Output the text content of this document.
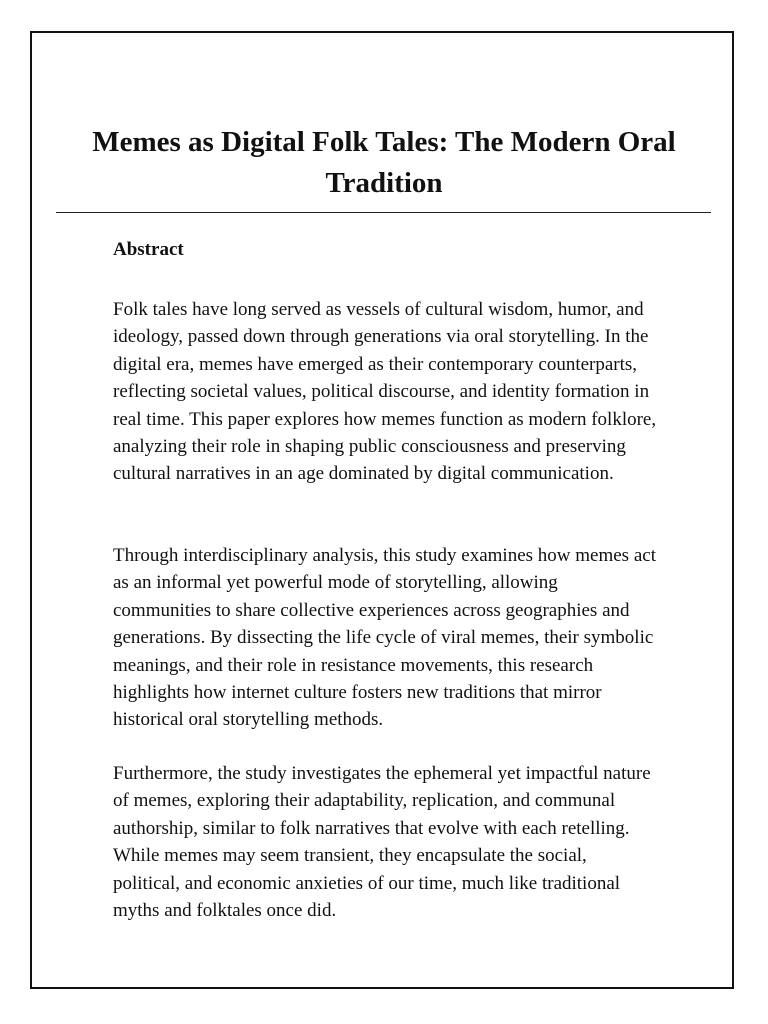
Memes as Digital Folk Tales: The Modern Oral Tradition
Abstract

Folk tales have long served as vessels of cultural wisdom, humor, and ideology, passed down through generations via oral storytelling. In the digital era, memes have emerged as their contemporary counterparts, reflecting societal values, political discourse, and identity formation in real time. This paper explores how memes function as modern folklore, analyzing their role in shaping public consciousness and preserving cultural narratives in an age dominated by digital communication.

Through interdisciplinary analysis, this study examines how memes act as an informal yet powerful mode of storytelling, allowing communities to share collective experiences across geographies and generations. By dissecting the life cycle of viral memes, their symbolic meanings, and their role in resistance movements, this research highlights how internet culture fosters new traditions that mirror historical oral storytelling methods.

Furthermore, the study investigates the ephemeral yet impactful nature of memes, exploring their adaptability, replication, and communal authorship, similar to folk narratives that evolve with each retelling. While memes may seem transient, they encapsulate the social, political, and economic anxieties of our time, much like traditional myths and folktales once did.
